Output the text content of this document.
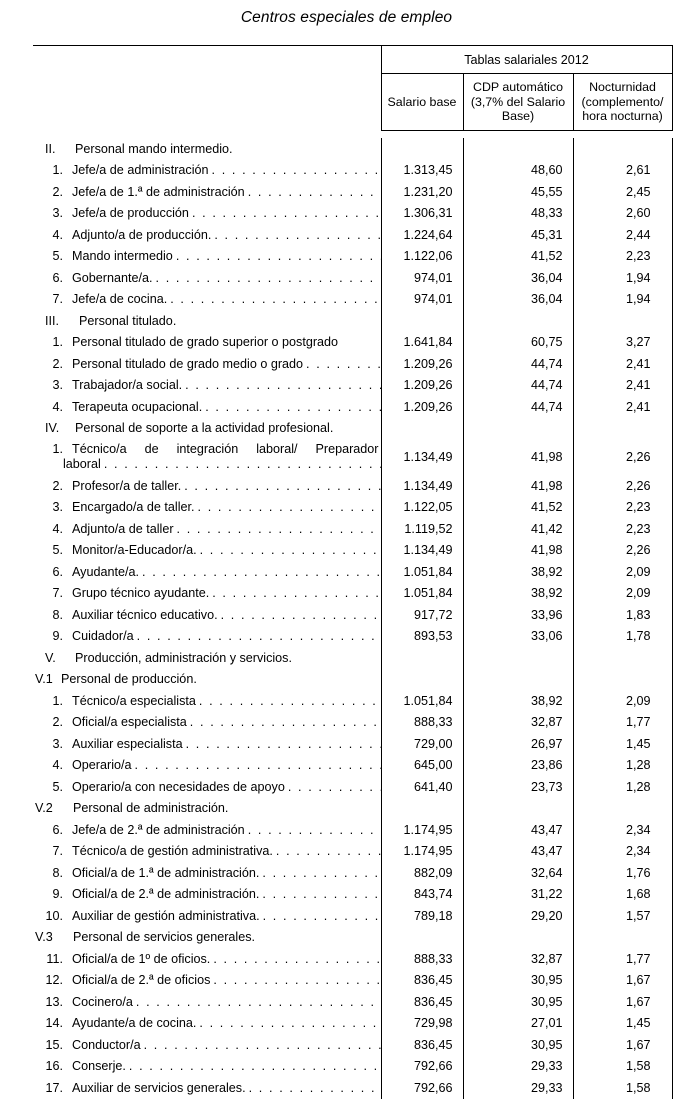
Centros especiales de empleo
	Tablas salariales 2012		
	Salario base	
CDP automático
(3,7% del Salario
Base)

Nocturnidad
(complemento/
hora nocturna)

II. Personal mando intermedio.			

1. Jefe/a de administración
. . .	1.313,45	48,60	2,61

2. Jefe/a de 1.ª de administración
. . .	1.231,20	45,55	2,45

3. Jefe/a de producción
. . .	1.306,31	48,33	2,60

4. Adjunto/a de producción.
. . .	1.224,64	45,31	2,44

5. Mando intermedio
. . .	1.122,06	41,52	2,23

6. Gobernante/a.
. . .	974,01	36,04	1,94

7. Jefe/a de cocina.
. . .	974,01	36,04	1,94

III. Personal titulado.			

1. Personal titulado de grado superior o postgrado	1.641,84	60,75	3,27

2. Personal titulado de grado medio o grado
. . .	1.209,26	44,74	2,41

3. Trabajador/a social.
. . .	1.209,26	44,74	2,41

4. Terapeuta ocupacional.
. . .	1.209,26	44,74	2,41

IV. Personal de soporte a la actividad profesional.			

1. Técnico/a de integración laboral/ Preparador
laboral
. . .	1.134,49	41,98	2,26

2. Profesor/a de taller.
. . .	1.134,49	41,98	2,26

3. Encargado/a de taller.
. . .	1.122,05	41,52	2,23

4. Adjunto/a de taller
. . .	1.119,52	41,42	2,23

5. Monitor/a-Educador/a.
. . .	1.134,49	41,98	2,26

6. Ayudante/a.
. . .	1.051,84	38,92	2,09

7. Grupo técnico ayudante.
. . .	1.051,84	38,92	2,09

8. Auxiliar técnico educativo.
. . .	917,72	33,96	1,83

9. Cuidador/a
. . .	893,53	33,06	1,78

V. Producción, administración y servicios.			

V.1 Personal de producción.			

1. Técnico/a especialista
. . .	1.051,84	38,92	2,09

2. Oficial/a especialista
. . .	888,33	32,87	1,77

3. Auxiliar especialista
. . .	729,00	26,97	1,45

4. Operario/a
. . .	645,00	23,86	1,28

5. Operario/a con necesidades de apoyo
. . .	641,40	23,73	1,28

V.2 Personal de administración.			

6. Jefe/a de 2.ª de administración
. . .	1.174,95	43,47	2,34

7. Técnico/a de gestión administrativa.
. . .	1.174,95	43,47	2,34

8. Oficial/a de 1.ª de administración.
. . .	882,09	32,64	1,76

9. Oficial/a de 2.ª de administración.
. . .	843,74	31,22	1,68

10. Auxiliar de gestión administrativa.
. . .	789,18	29,20	1,57

V.3 Personal de servicios generales.			

11. Oficial/a de 1º de oficios.
. . .	888,33	32,87	1,77

12. Oficial/a de 2.ª de oficios
. . .	836,45	30,95	1,67

13. Cocinero/a
. . .	836,45	30,95	1,67

14. Ayudante/a de cocina.
. . .	729,98	27,01	1,45

15. Conductor/a
. . .	836,45	30,95	1,67

16. Conserje.
. . .	792,66	29,33	1,58

17. Auxiliar de servicios generales.
. . .	792,66	29,33	1,58
